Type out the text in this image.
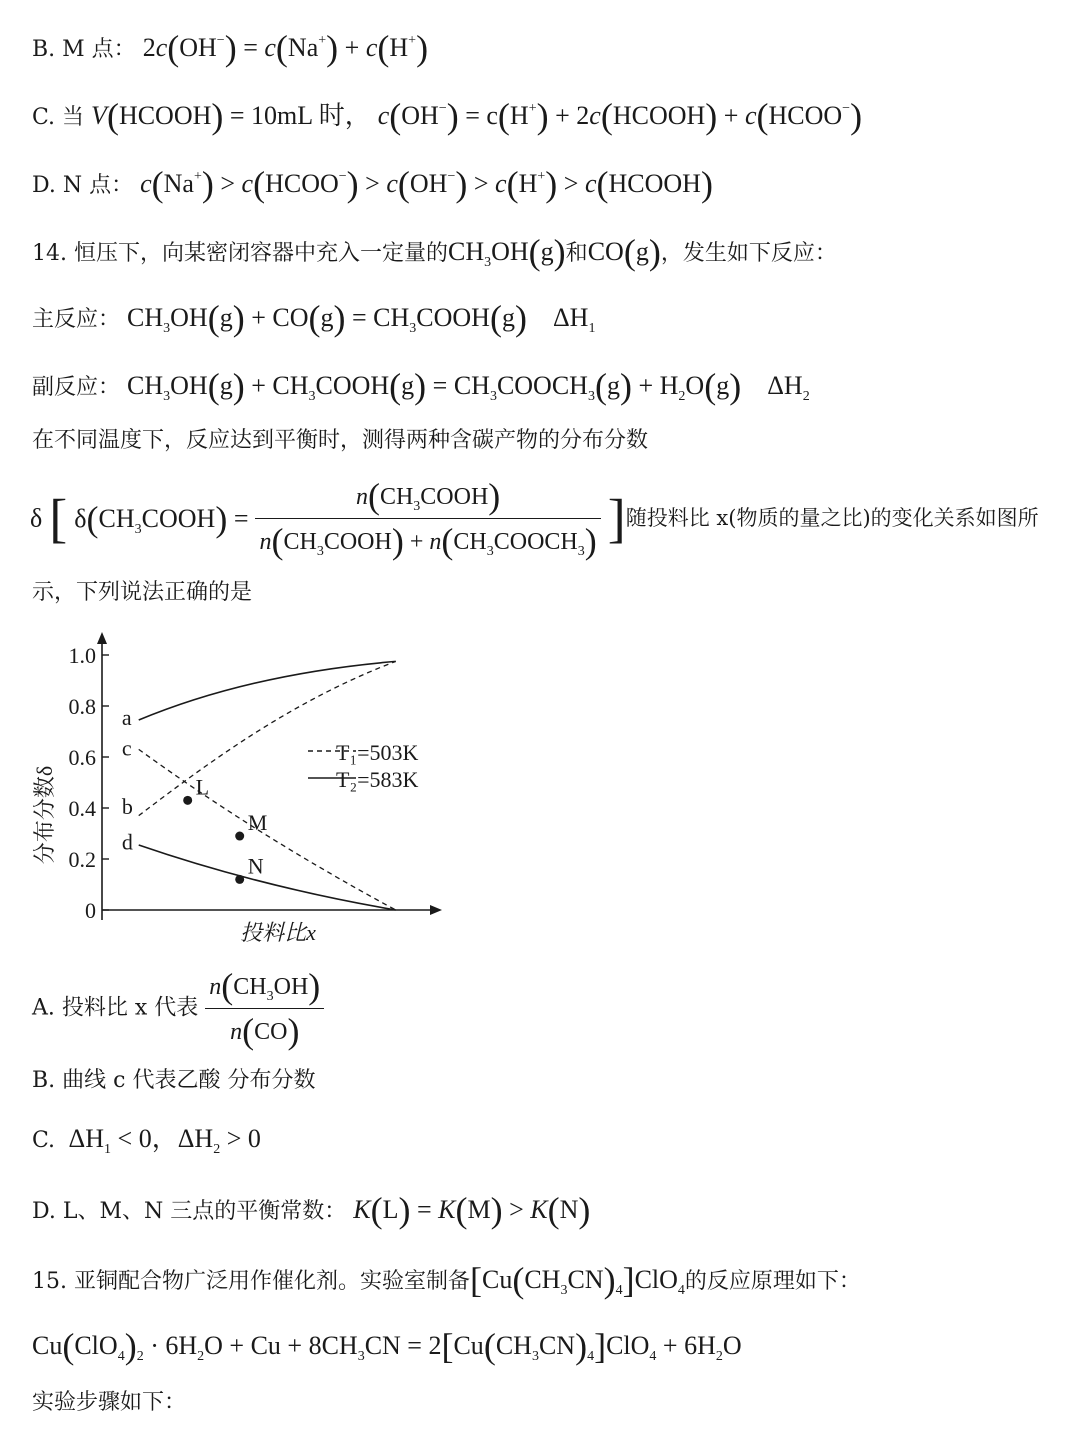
B. M 点： 2c(OH−) = c(Na+) + c(H+)
C. 当 V(HCOOH) = 10mL 时， c(OH−) = c(H+) + 2c(HCOOH) + c(HCOO−)
D. N 点： c(Na+) > c(HCOO−) > c(OH−) > c(H+) > c(HCOOH)
14. 恒压下，向某密闭容器中充入一定量的$CH_3OH(g)$和CO(g)，发生如下反应：
主反应： $CH_3OH(g) + CO(g)$ = $CH_3COOH(g)$    $\Delta H_1$
副反应： $CH_3OH(g)$ + $CH_3COOH(g)$ = $CH_3COOCH_3(g) + H_2O(g)$    $\Delta H_2$
在不同温度下，反应达到平衡时，测得两种含碳产物的分布分数
δ [ $\delta(CH_3COOH) = \frac{n(CH_3COOH)}{n(CH_3COOH) + n(CH_3COOCH_3)}$ ]随投料比 x(物质的量之比)的变化关系如图所
示，下列说法正确的是
分布分数δ
投料比x
T₁=503K
T₂=583K
0
0.2
0.4
0.6
0.8
1.0
a
b
c
d
L
M
N
A. 投料比 x 代表 $\frac{n(CH_3OH)}{n(CO)}$
B. 曲线 c 代表乙酸 分布分数
C.  $\Delta H_1 < 0$，$\Delta H_2 > 0$
D. L、M、N 三点的平衡常数： K(L) = K(M) > K(N)
15. 亚铜配合物广泛用作催化剂。实验室制备$[Cu(CH_3CN)_4]ClO_4$的反应原理如下：
$Cu(ClO_4)_2 \cdot 6H_2O + Cu + 8CH_3CN = 2[Cu(CH_3CN)_4]ClO_4 + 6H_2O$
实验步骤如下：
